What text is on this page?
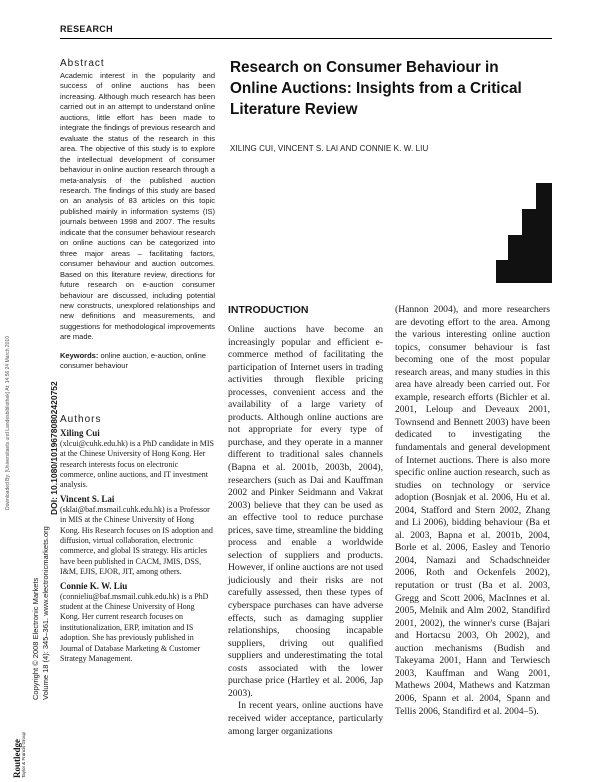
RESEARCH
Abstract

Academic interest in the popularity and success of online auctions has been increasing. Although much research has been carried out in an attempt to understand online auctions, little effort has been made to integrate the findings of previous research and evaluate the status of the research in this area. The objective of this study is to explore the intellectual development of consumer behaviour in online auction research through a meta-analysis of the published auction research. The findings of this study are based on an analysis of 83 articles on this topic published mainly in information systems (IS) journals between 1998 and 2007. The results indicate that the consumer behaviour research on online auctions can be categorized into three major areas – facilitating factors, consumer behaviour and auction outcomes. Based on this literature review, directions for future research on e-auction consumer behaviour are discussed, including potential new constructs, unexplored relationships and new definitions and measurements, and suggestions for methodological improvements are made.

Keywords: online auction, e-auction, online consumer behaviour
Authors
Xiling Cui

(xlcui@cuhk.edu.hk) is a PhD candidate in MIS at the Chinese University of Hong Kong. Her research interests focus on electronic commerce, online auctions, and IT investment analysis.

Vincent S. Lai

(sklai@baf.msmail.cuhk.edu.hk) is a Professor in MIS at the Chinese University of Hong Kong. His Research focuses on IS adoption and diffusion, virtual collaboration, electronic commerce, and global IS strategy. His articles have been published in CACM, JMIS, DSS, I&M, EJIS, EJOR, JIT, among others.

Connie K. W. Liu

(connieliu@baf.msmail.cuhk.edu.hk) is a PhD student at the Chinese University of Hong Kong. Her current research focuses on institutionalization, ERP, imitation and IS adoption. She has previously published in Journal of Database Marketing & Customer Strategy Management.

Research on Consumer Behaviour in Online Auctions: Insights from a Critical Literature Review
XILING CUI, VINCENT S. LAI AND CONNIE K. W. LIU
INTRODUCTION

Online auctions have become an increasingly popular and efficient e-commerce method of facilitating the participation of Internet users in trading activities through flexible pricing processes, convenient access and the availability of a large variety of products. Although online auctions are not appropriate for every type of purchase, and they operate in a manner different to traditional sales channels (Bapna et al. 2001b, 2003b, 2004), researchers (such as Dai and Kauffman 2002 and Pinker Seidmann and Vakrat 2003) believe that they can be used as an effective tool to reduce purchase prices, save time, streamline the bidding process and enable a worldwide selection of suppliers and products. However, if online auctions are not used judiciously and their risks are not carefully assessed, then these types of cyberspace purchases can have adverse effects, such as damaging supplier relationships, choosing incapable suppliers, driving out qualified suppliers and underestimating the total costs associated with the lower purchase price (Hartley et al. 2006, Jap 2003).

In recent years, online auctions have received wider acceptance, particularly among larger organizations

(Hannon 2004), and more researchers are devoting effort to the area. Among the various interesting online auction topics, consumer behaviour is fast becoming one of the most popular research areas, and many studies in this area have already been carried out. For example, research efforts (Bichler et al. 2001, Leloup and Deveaux 2001, Townsend and Bennett 2003) have been dedicated to investigating the fundamentals and general development of Internet auctions. There is also more specific online auction research, such as studies on technology or service adoption (Bosnjak et al. 2006, Hu et al. 2004, Stafford and Stern 2002, Zhang and Li 2006), bidding behaviour (Ba et al. 2003, Bapna et al. 2001b, 2004, Borle et al. 2006, Easley and Tenorio 2004, Namazi and Schadschneider 2006, Roth and Ockenfels 2002), reputation or trust (Ba et al. 2003, Gregg and Scott 2006, MacInnes et al. 2005, Melnik and Alm 2002, Standifird 2001, 2002), the winner's curse (Bajari and Hortacsu 2003, Oh 2002), and auction mechanisms (Budish and Takeyama 2001, Hann and Terwiesch 2003, Kauffman and Wang 2001, Mathews 2004, Mathews and Katzman 2006, Spann et al. 2004, Spann and Tellis 2006, Standifird et al. 2004–5).

Downloaded By: [Universitaets und Landesbibliothek] At: 14:56 24 March 2010
Copyright © 2008 Electronic Markets Volume 18 (4): 345–361. www.electronicmarkets.org
DOI: 10.1080/10196780802420752
Routledge Taylor & Francis Group
